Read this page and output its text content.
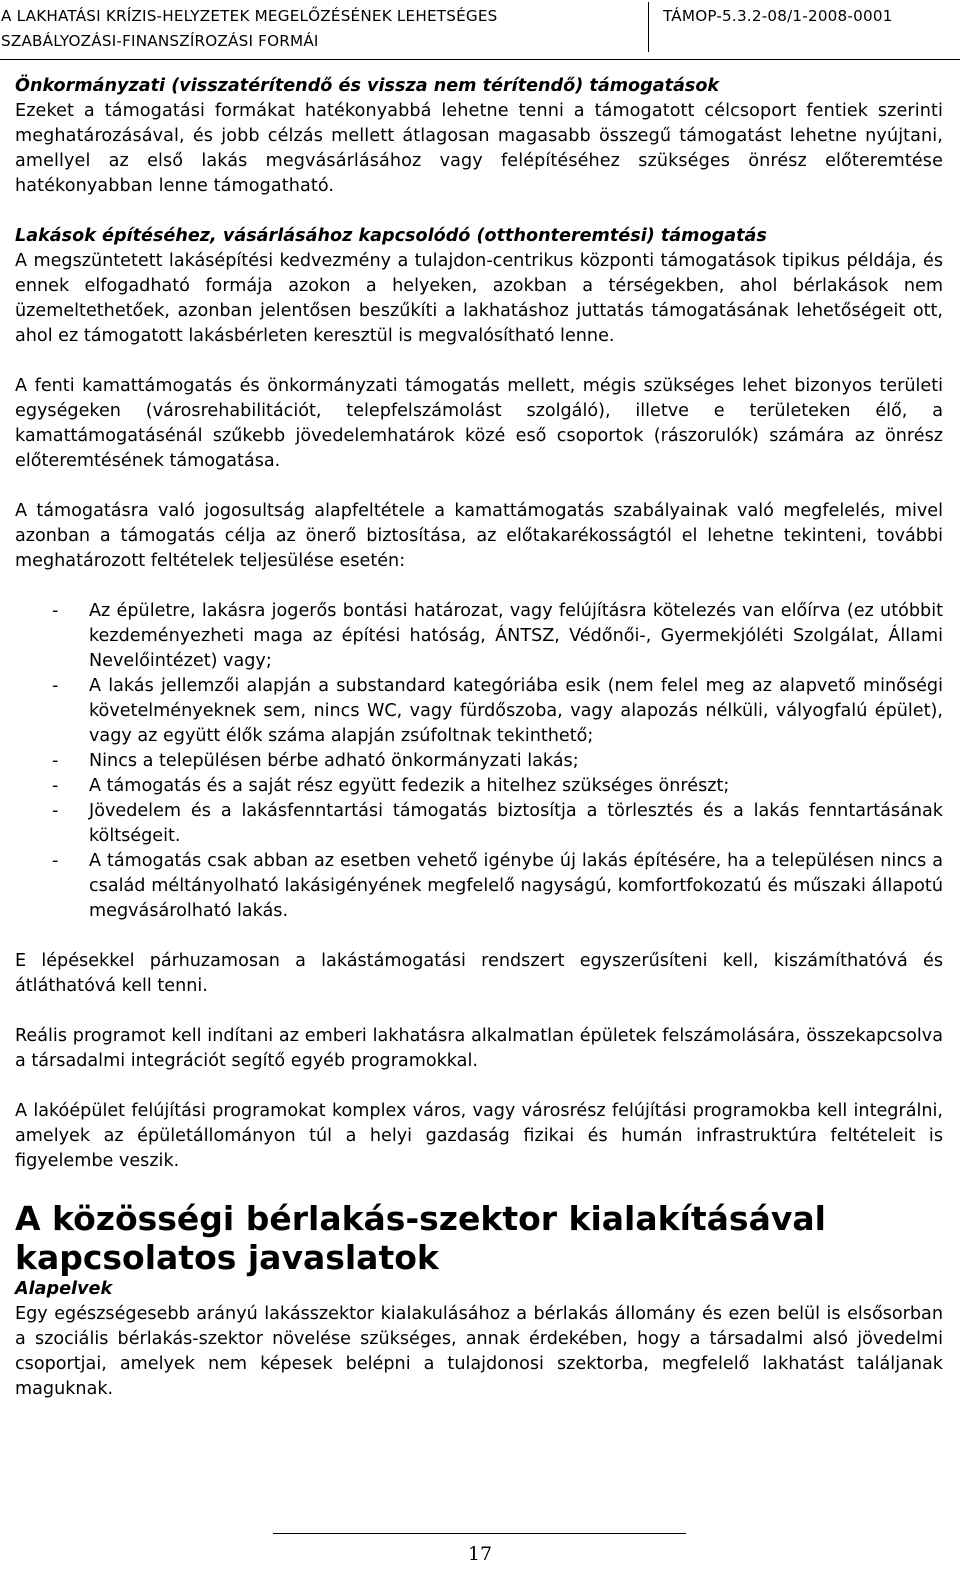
A LAKHATÁSI KRÍZIS-HELYZETEK MEGELŐZÉSÉNEK LEHETSÉGES
SZABÁLYOZÁSI-FINANSZÍROZÁSI FORMÁI
TÁMOP-5.3.2-08/1-2008-0001

Önkormányzati (visszatérítendő és vissza nem térítendő) támogatások

Ezeket a támogatási formákat hatékonyabbá lehetne tenni a támogatott célcsoport fentiek szerinti meghatározásával, és jobb célzás mellett átlagosan magasabb összegű támogatást lehetne nyújtani, amellyel az első lakás megvásárlásához vagy felépítéséhez szükséges önrész előteremtése hatékonyabban lenne támogatható.

Lakások építéséhez, vásárlásához kapcsolódó (otthonteremtési) támogatás

A megszüntetett lakásépítési kedvezmény a tulajdon-centrikus központi támogatások tipikus példája, és ennek elfogadható formája azokon a helyeken, azokban a térségekben, ahol bérlakások nem üzemeltethetőek, azonban jelentősen beszűkíti a lakhatáshoz juttatás támogatásának lehetőségeit ott, ahol ez támogatott lakásbérleten keresztül is megvalósítható lenne.

A fenti kamattámogatás és önkormányzati támogatás mellett, mégis szükséges lehet bizonyos területi egységeken (városrehabilitációt, telepfelszámolást szolgáló), illetve e területeken élő, a kamattámogatásénál szűkebb jövedelemhatárok közé eső csoportok (rászorulók) számára az önrész előteremtésének támogatása.

A támogatásra való jogosultság alapfeltétele a kamattámogatás szabályainak való megfelelés, mivel azonban a támogatás célja az önerő biztosítása, az előtakarékosságtól el lehetne tekinteni, további meghatározott feltételek teljesülése esetén:

- Az épületre, lakásra jogerős bontási határozat, vagy felújításra kötelezés van előírva (ez utóbbit kezdeményezheti maga az építési hatóság, ÁNTSZ, Védőnői-, Gyermekjóléti Szolgálat, Állami Nevelőintézet) vagy;
- A lakás jellemzői alapján a substandard kategóriába esik (nem felel meg az alapvető minőségi követelményeknek sem, nincs WC, vagy fürdőszoba, vagy alapozás nélküli, vályogfalú épület), vagy az együtt élők száma alapján zsúfoltnak tekinthető;
- Nincs a településen bérbe adható önkormányzati lakás;
- A támogatás és a saját rész együtt fedezik a hitelhez szükséges önrészt;
- Jövedelem és a lakásfenntartási támogatás biztosítja a törlesztés és a lakás fenntartásának költségeit.
- A támogatás csak abban az esetben vehető igénybe új lakás építésére, ha a településen nincs a család méltányolható lakásigényének megfelelő nagyságú, komfortfokozatú és műszaki állapotú megvásárolható lakás.

E lépésekkel párhuzamosan a lakástámogatási rendszert egyszerűsíteni kell, kiszámíthatóvá és átláthatóvá kell tenni.

Reális programot kell indítani az emberi lakhatásra alkalmatlan épületek felszámolására, összekapcsolva a társadalmi integrációt segítő egyéb programokkal.

A lakóépület felújítási programokat komplex város, vagy városrész felújítási programokba kell integrálni, amelyek az épületállományon túl a helyi gazdaság fizikai és humán infrastruktúra feltételeit is figyelembe veszik.

A közösségi bérlakás-szektor kialakításával kapcsolatos javaslatok

Alapelvek

Egy egészségesebb arányú lakásszektor kialakulásához a bérlakás állomány és ezen belül is elsősorban a szociális bérlakás-szektor növelése szükséges, annak érdekében, hogy a társadalmi alsó jövedelmi csoportjai, amelyek nem képesek belépni a tulajdonosi szektorba, megfelelő lakhatást találjanak maguknak.

17
